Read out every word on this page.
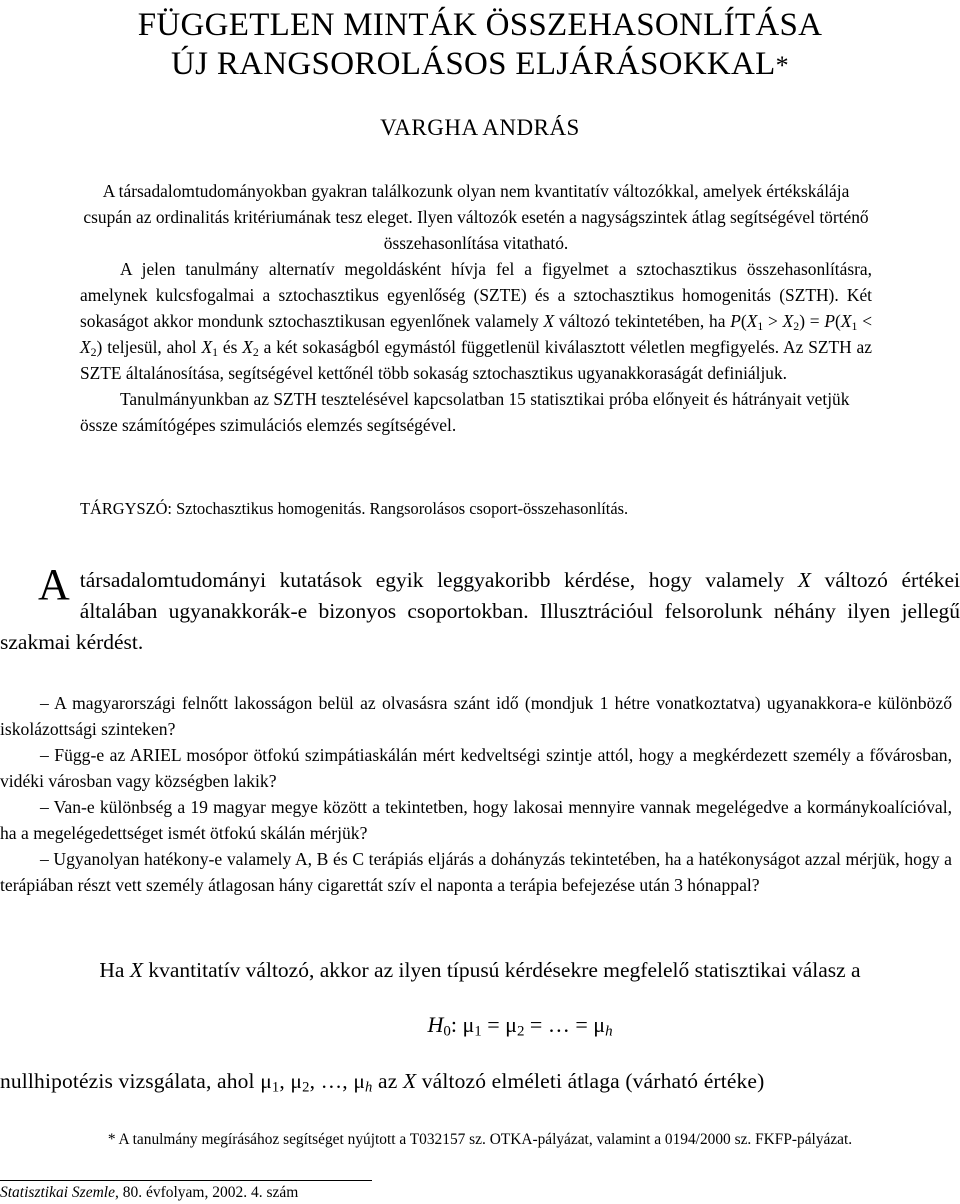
FÜGGETLEN MINTÁK ÖSSZEHASONLÍTÁSA
ÚJ RANGSOROLÁSOS ELJÁRÁSOKKAL*
VARGHA ANDRÁS

A társadalomtudományokban gyakran találkozunk olyan nem kvantitatív változókkal, amelyek értékskálája csupán az ordinalitás kritériumának tesz eleget. Ilyen változók esetén a nagyságszintek átlag segítségével történő összehasonlítása vitatható.

A jelen tanulmány alternatív megoldásként hívja fel a figyelmet a sztochasztikus összehasonlításra, amelynek kulcsfogalmai a sztochasztikus egyenlőség (SZTE) és a sztochasztikus homogenitás (SZTH). Két sokaságot akkor mondunk sztochasztikusan egyenlőnek valamely X változó tekintetében, ha $P(X_1 > X_2) = P(X_1 < X_2)$ teljesül, ahol $X_1$ és $X_2$ a két sokaságból egymástól függetlenül kiválasztott véletlen megfigyelés. Az SZTH az SZTE általánosítása, segítségével kettőnél több sokaság sztochasztikus ugyanakkoraságát definiáljuk.

Tanulmányunkban az SZTH tesztelésével kapcsolatban 15 statisztikai próba előnyeit és hátrányait vetjük össze számítógépes szimulációs elemzés segítségével.

TÁRGYSZÓ: Sztochasztikus homogenitás. Rangsorolásos csoport-összehasonlítás.
A társadalomtudományi kutatások egyik leggyakoribb kérdése, hogy valamely X változó értékei általában ugyanakkorák-e bizonyos csoportokban. Illusztrációul felsorolunk néhány ilyen jellegű szakmai kérdést.

– A magyarországi felnőtt lakosságon belül az olvasásra szánt idő (mondjuk 1 hétre vonatkoztatva) ugyanakkora-e különböző iskolázottsági szinteken?

– Függ-e az ARIEL mosópor ötfokú szimpátiaskálán mért kedveltségi szintje attól, hogy a megkérdezett személy a fővárosban, vidéki városban vagy községben lakik?

– Van-e különbség a 19 magyar megye között a tekintetben, hogy lakosai mennyire vannak megelégedve a kormánykoalícióval, ha a megelégedettséget ismét ötfokú skálán mérjük?

– Ugyanolyan hatékony-e valamely A, B és C terápiás eljárás a dohányzás tekintetében, ha a hatékonyságot azzal mérjük, hogy a terápiában részt vett személy átlagosan hány cigarettát szív el naponta a terápia befejezése után 3 hónappal?

Ha X kvantitatív változó, akkor az ilyen típusú kérdésekre megfelelő statisztikai válasz a
$H_0$: $\mu_1 = \mu_2$ = … = $\mu_h$
nullhipotézis vizsgálata, ahol $\mu_1$, $\mu_2$, …, $\mu_h$ az X változó elméleti átlaga (várható értéke)
* A tanulmány megírásához segítséget nyújtott a T032157 sz. OTKA-pályázat, valamint a 0194/2000 sz. FKFP-pályázat.
Statisztikai Szemle, 80. évfolyam, 2002. 4. szám
